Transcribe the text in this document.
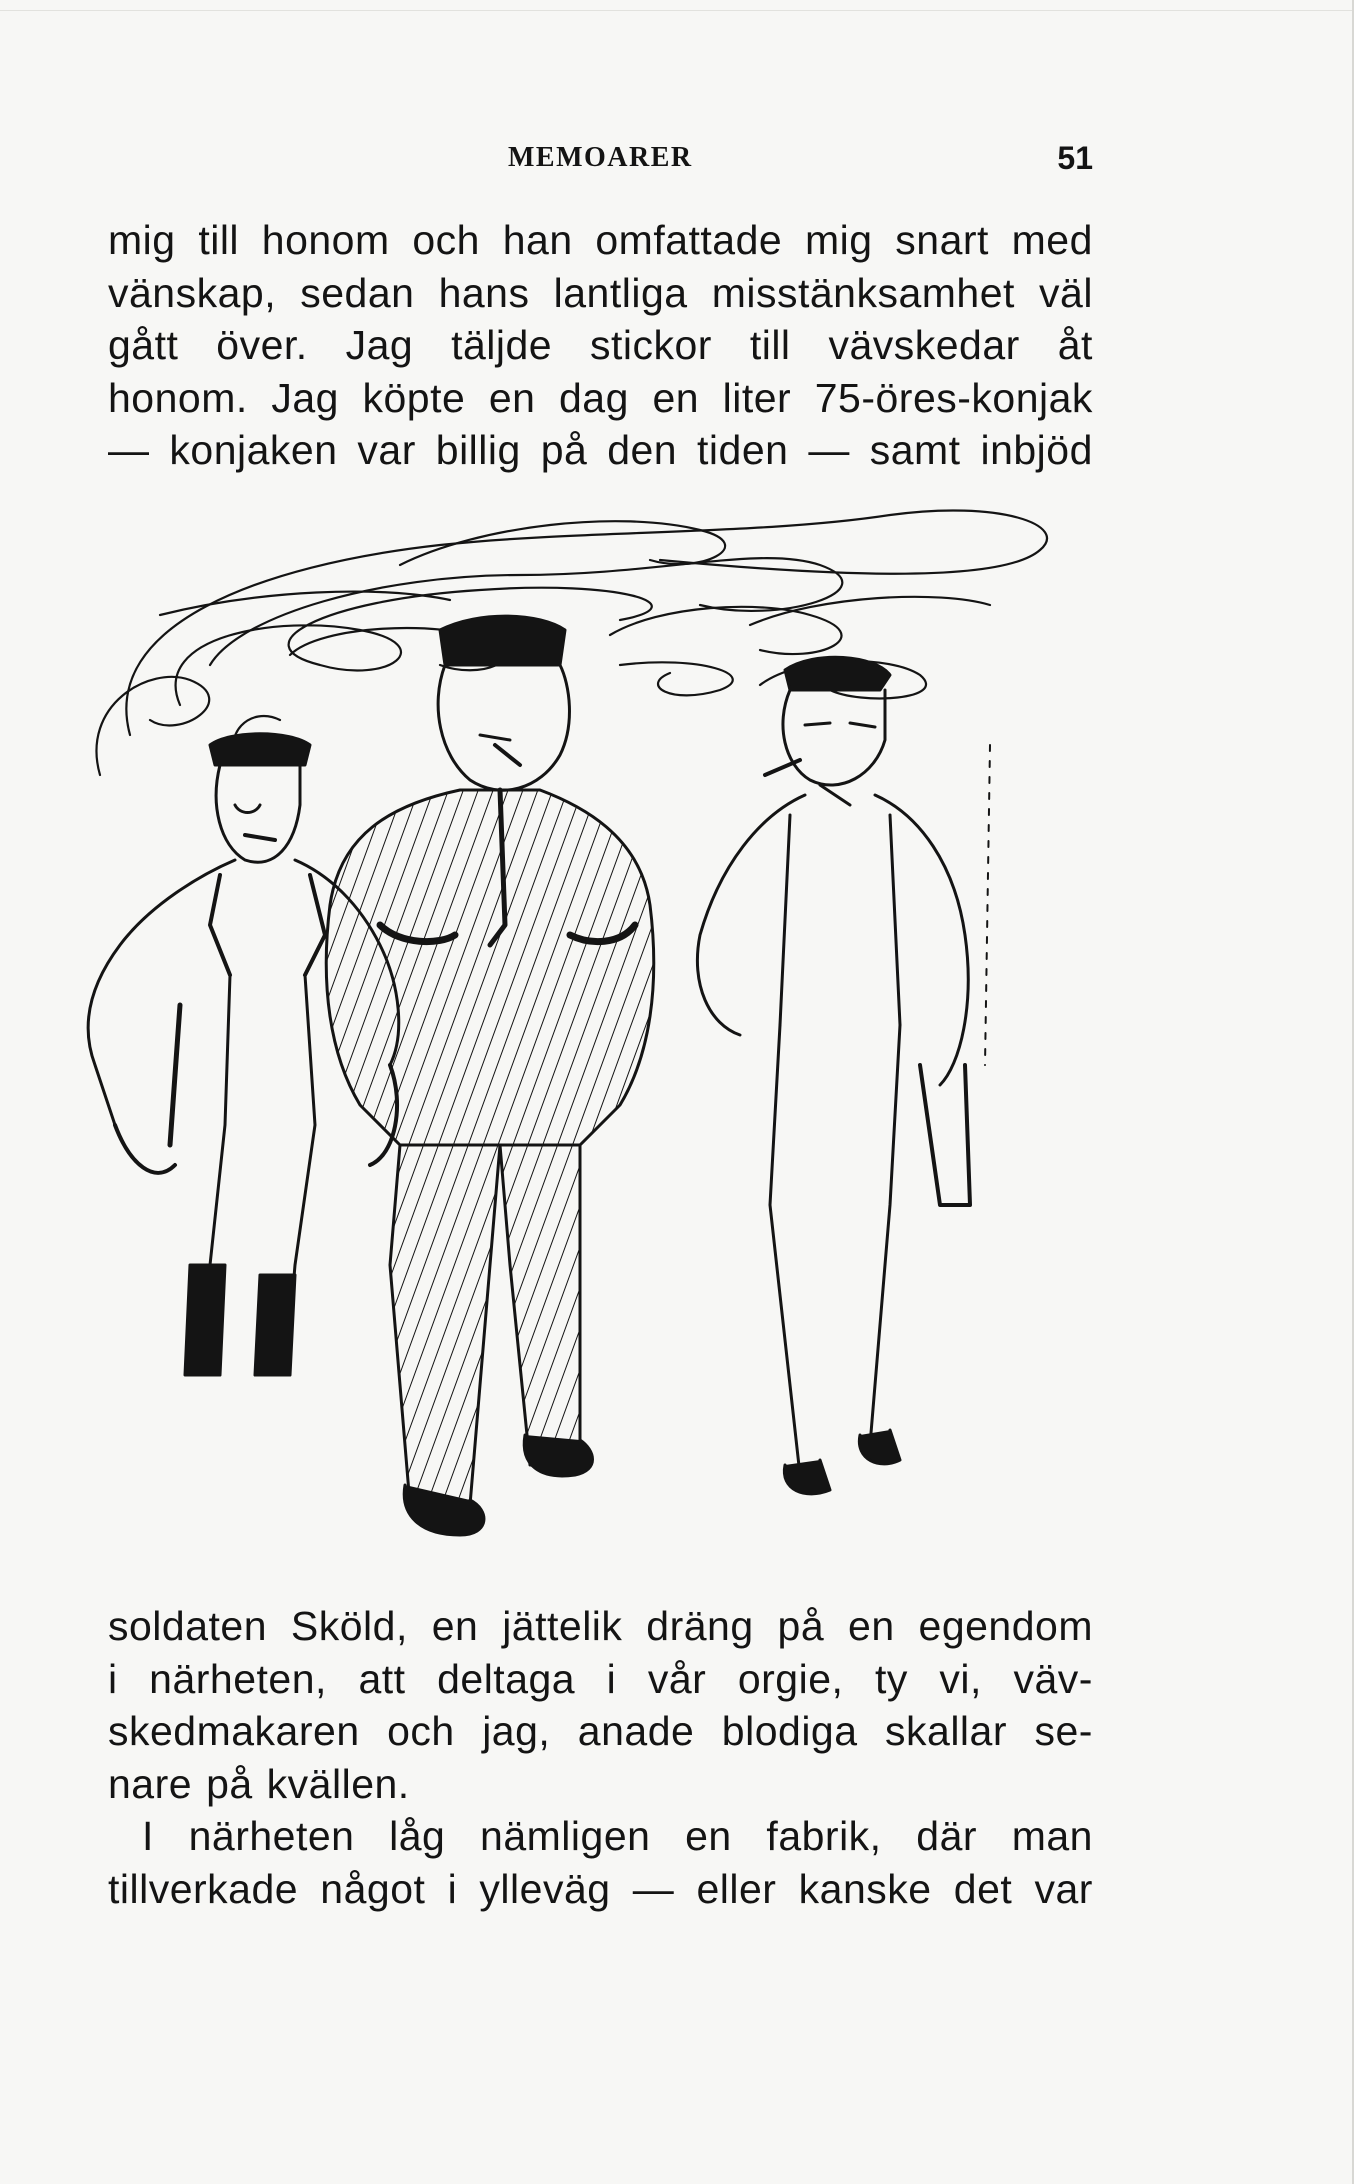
MEMOARER	51
mig till honom och han omfattade mig snart med
vänskap, sedan hans lantliga misstänksamhet väl
gått över. Jag täljde stickor till vävskedar åt
honom. Jag köpte en dag en liter 75-öres-konjak
— konjaken var billig på den tiden — samt inbjöd
soldaten Sköld, en jättelik dräng på en egendom
i närheten, att deltaga i vår orgie, ty vi, väv-
skedmakaren och jag, anade blodiga skallar se-
nare på kvällen.
I närheten låg nämligen en fabrik, där man
tillverkade något i ylleväg — eller kanske det var
